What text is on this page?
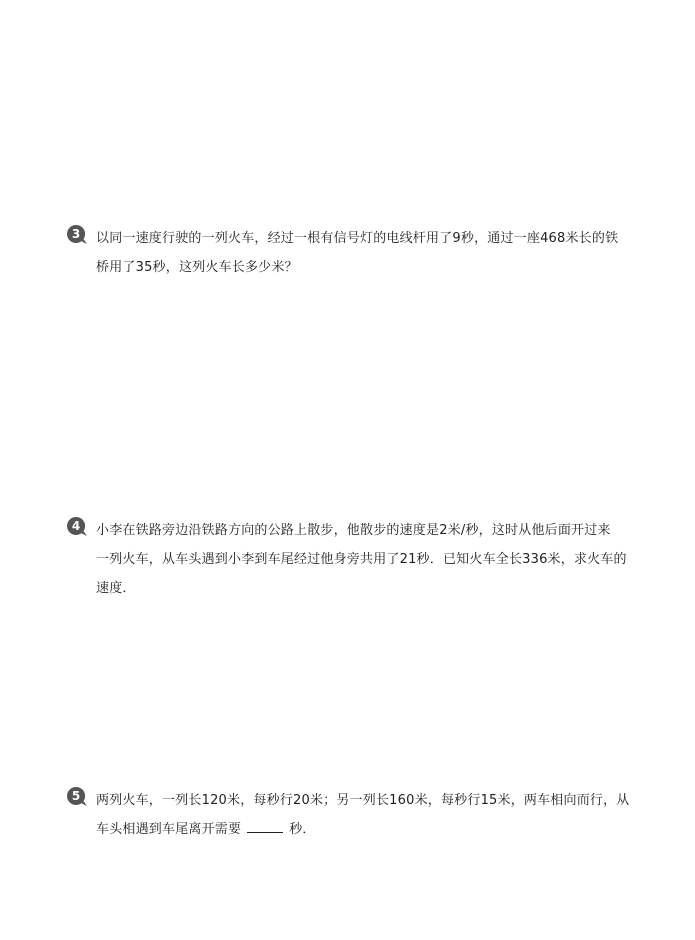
3	以同一速度行驶的一列火车，经过一根有信号灯的电线杆用了9秒，通过一座468米长的铁
桥用了35秒，这列火车长多少米？
4	小李在铁路旁边沿铁路方向的公路上散步，他散步的速度是2米/秒，这时从他后面开过来
一列火车，从车头遇到小李到车尾经过他身旁共用了21秒．已知火车全长336米，求火车的
速度．
5	两列火车，一列长120米，每秒行20米；另一列长160米，每秒行15米，两车相向而行，从
车头相遇到车尾离开需要	秒．
